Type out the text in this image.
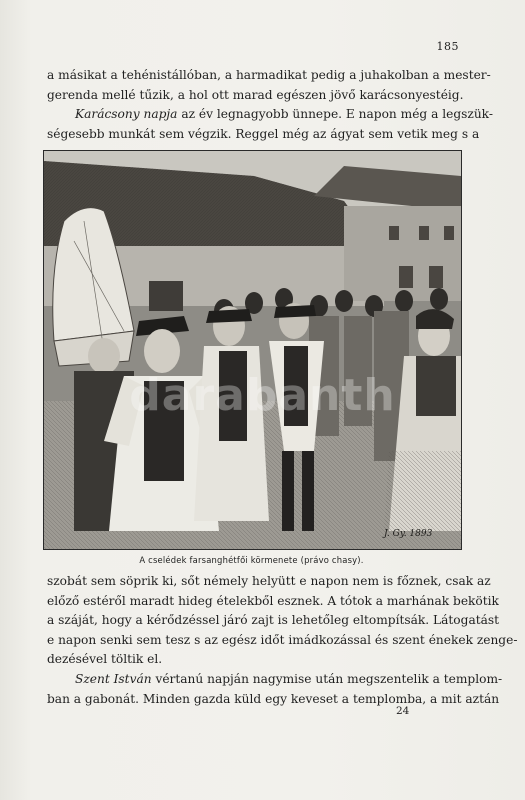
185
a másikat a tehénistállóban, a harmadikat pedig a juhakolban a mester-
gerenda mellé tűzik, a hol ott marad egészen jövő karácsonyestéig.
Karácsony napja az év legnagyobb ünnepe. E napon még a legszük-
ségesebb munkát sem végzik. Reggel még az ágyat sem vetik meg s a
J. Gy. 1893
darabanth
A cselédek farsanghétfői körmenete (právo chasy).
szobát sem söprik ki, sőt némely helyütt e napon nem is főznek, csak az
előző estéről maradt hideg ételekből esznek. A tótok a marhának bekötik
a száját, hogy a kérődzéssel járó zajt is lehetőleg eltompítsák. Látogatást
e napon senki sem tesz s az egész időt imádkozással és szent énekek zenge-
dezésével töltik el.
Szent István vértanú napján nagymise után megszentelik a templom-
ban a gabonát. Minden gazda küld egy keveset a templomba, a mit aztán
24
